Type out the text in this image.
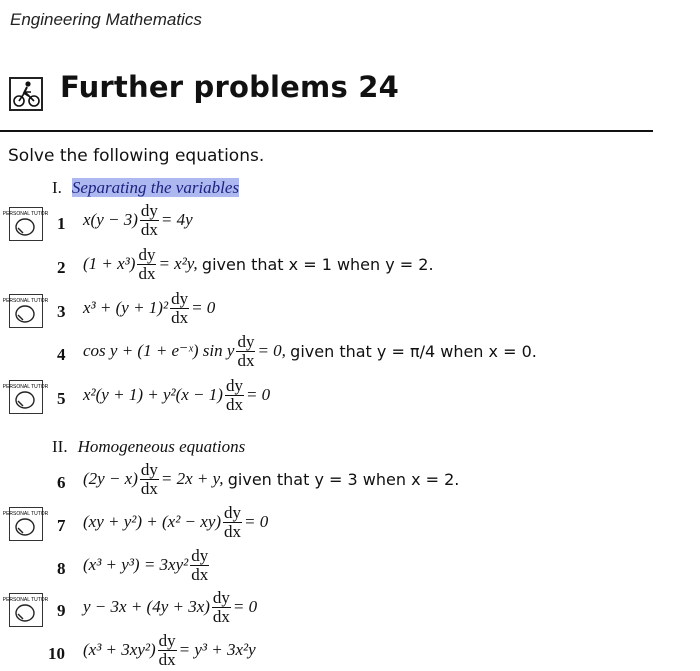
Engineering Mathematics
Further problems 24
Solve the following equations.
I. Separating the variables
II. Homogeneous equations
PERSONAL TUTOR
PERSONAL TUTOR
PERSONAL TUTOR
PERSONAL TUTOR
PERSONAL TUTOR
1 $x(y - 3) \frac{dy}{dx} = 4y$
2 $(1 + x^3) \frac{dy}{dx} = x^2y$,
given that x = 1 when y = 2.
3 $x^3 + (y + 1)^2 \frac{dy}{dx} = 0$
4 cos y + (1 + e⁻ˣ) sin y $\frac{dy}{dx} = 0$,
given that y = π/4 when x = 0.
5 $x^2(y + 1) + y^2(x - 1) \frac{dy}{dx} = 0$
6 $(2y - x) \frac{dy}{dx} = 2x + y$,
given that y = 3 when x = 2.
7 $(xy + y^2) + (x^2 - xy) \frac{dy}{dx} = 0$
8 $(x^3 + y^3) = 3xy^2 \frac{dy}{dx}$
9 $y - 3x + (4y + 3x) \frac{dy}{dx} = 0$
10 $(x^3 + 3xy^2) \frac{dy}{dx} = y^3 + 3x^2y$
